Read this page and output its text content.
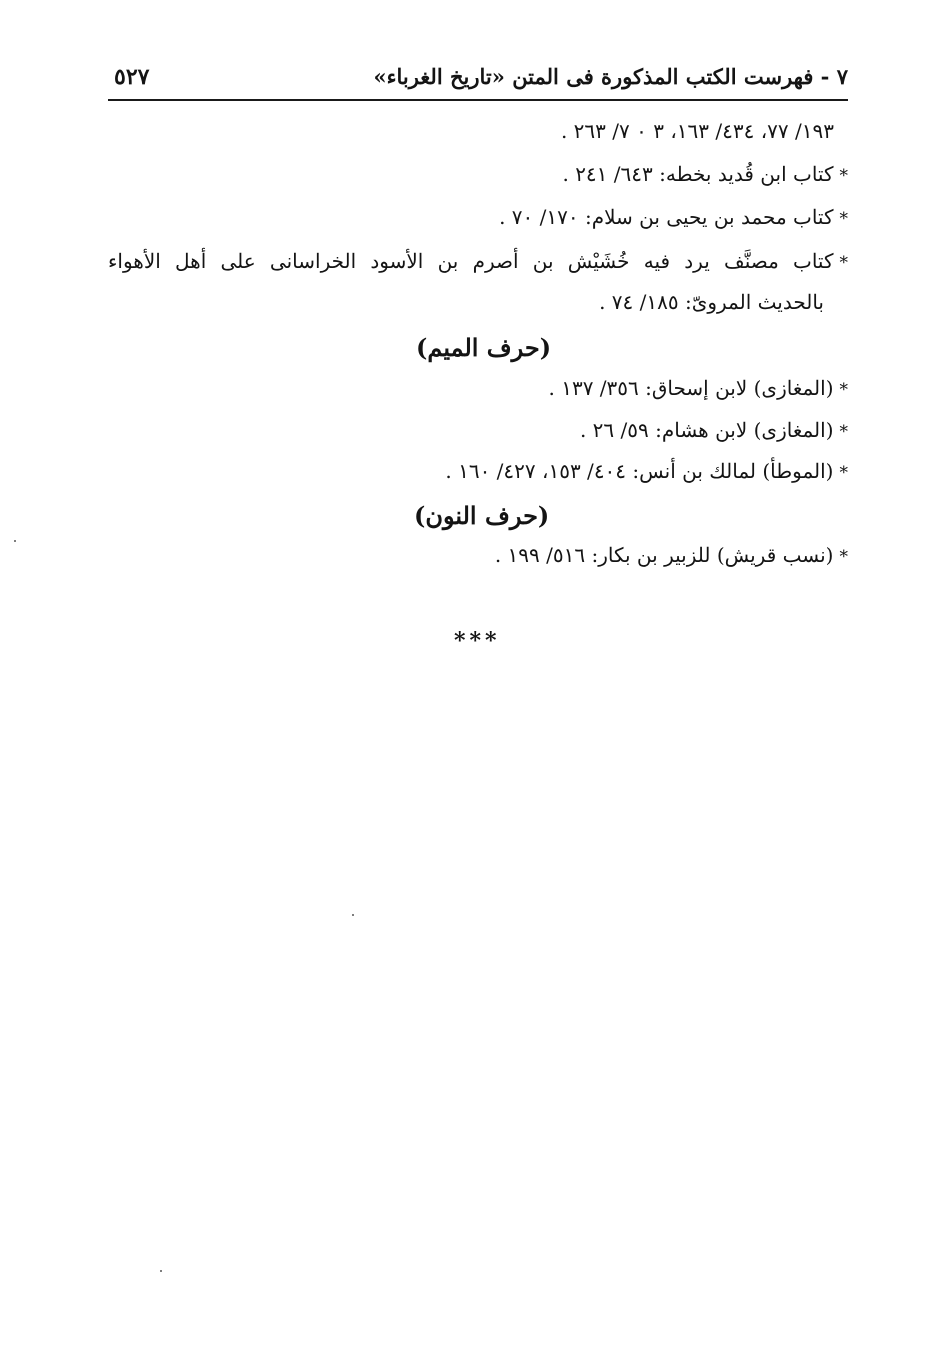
٧ - فهرست الكتب المذكورة فى المتن «تاريخ الغرباء»
٥٢٧
١٩٣/ ٧٧، ٤٣٤/ ١٦٣، ٣ ٠ ٧/ ٢٦٣ .
*كتاب ابن قُديد بخطه: ٦٤٣/ ٢٤١ .
*كتاب محمد بن يحيى بن سلام: ١٧٠/ ٧٠ .
*كتاب مصنَّف يرد فيه خُشَيْش بن أصرم بن الأسود الخراسانى على أهل الأهواء
بالحديث المروىّ: ١٨٥/ ٧٤ .
(حرف الميم)
*(المغازى) لابن إسحاق: ٣٥٦/ ١٣٧ .
*(المغازى) لابن هشام: ٥٩/ ٢٦ .
*(الموطأ) لمالك بن أنس: ٤٠٤/ ١٥٣، ٤٢٧/ ١٦٠ .
(حرف النون)
*(نسب قريش) للزبير بن بكار: ٥١٦/ ١٩٩ .
***
